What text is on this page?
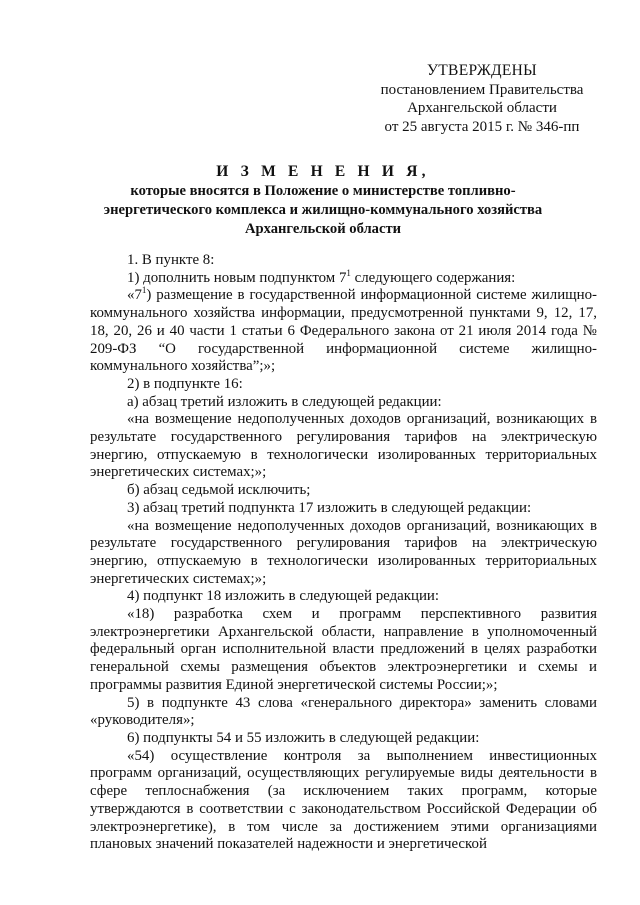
УТВЕРЖДЕНЫ
постановлением Правительства
Архангельской области
от 25 августа 2015 г. № 346-пп
И З М Е Н Е Н И Я,
которые вносятся в Положение о министерстве топливно-
энергетического комплекса и жилищно-коммунального хозяйства
Архангельской области

1. В пункте 8:

1) дополнить новым подпунктом $7^1$ следующего содержания:

«$7^1$) размещение в государственной информационной системе жилищно-коммунального хозяйства информации, предусмотренной пунктами 9, 12, 17, 18, 20, 26 и 40 части 1 статьи 6 Федерального закона от 21 июля 2014 года № 209-ФЗ “О государственной информационной системе жилищно-коммунального хозяйства”;»;

2) в подпункте 16:

а) абзац третий изложить в следующей редакции:

«на возмещение недополученных доходов организаций, возникающих в результате государственного регулирования тарифов на электрическую энергию, отпускаемую в технологически изолированных территориальных энергетических системах;»;

б) абзац седьмой исключить;

3) абзац третий подпункта 17 изложить в следующей редакции:

«на возмещение недополученных доходов организаций, возникающих в результате государственного регулирования тарифов на электрическую энергию, отпускаемую в технологически изолированных территориальных энергетических системах;»;

4) подпункт 18 изложить в следующей редакции:

«18) разработка схем и программ перспективного развития электроэнергетики Архангельской области, направление в уполномоченный федеральный орган исполнительной власти предложений в целях разработки генеральной схемы размещения объектов электроэнергетики и схемы и программы развития Единой энергетической системы России;»;

5) в подпункте 43 слова «генерального директора» заменить словами «руководителя»;

6) подпункты 54 и 55 изложить в следующей редакции:

«54) осуществление контроля за выполнением инвестиционных программ организаций, осуществляющих регулируемые виды деятельности в сфере теплоснабжения (за исключением таких программ, которые утверждаются в соответствии с законодательством Российской Федерации об электроэнергетике), в том числе за достижением этими организациями плановых значений показателей надежности и энергетической
